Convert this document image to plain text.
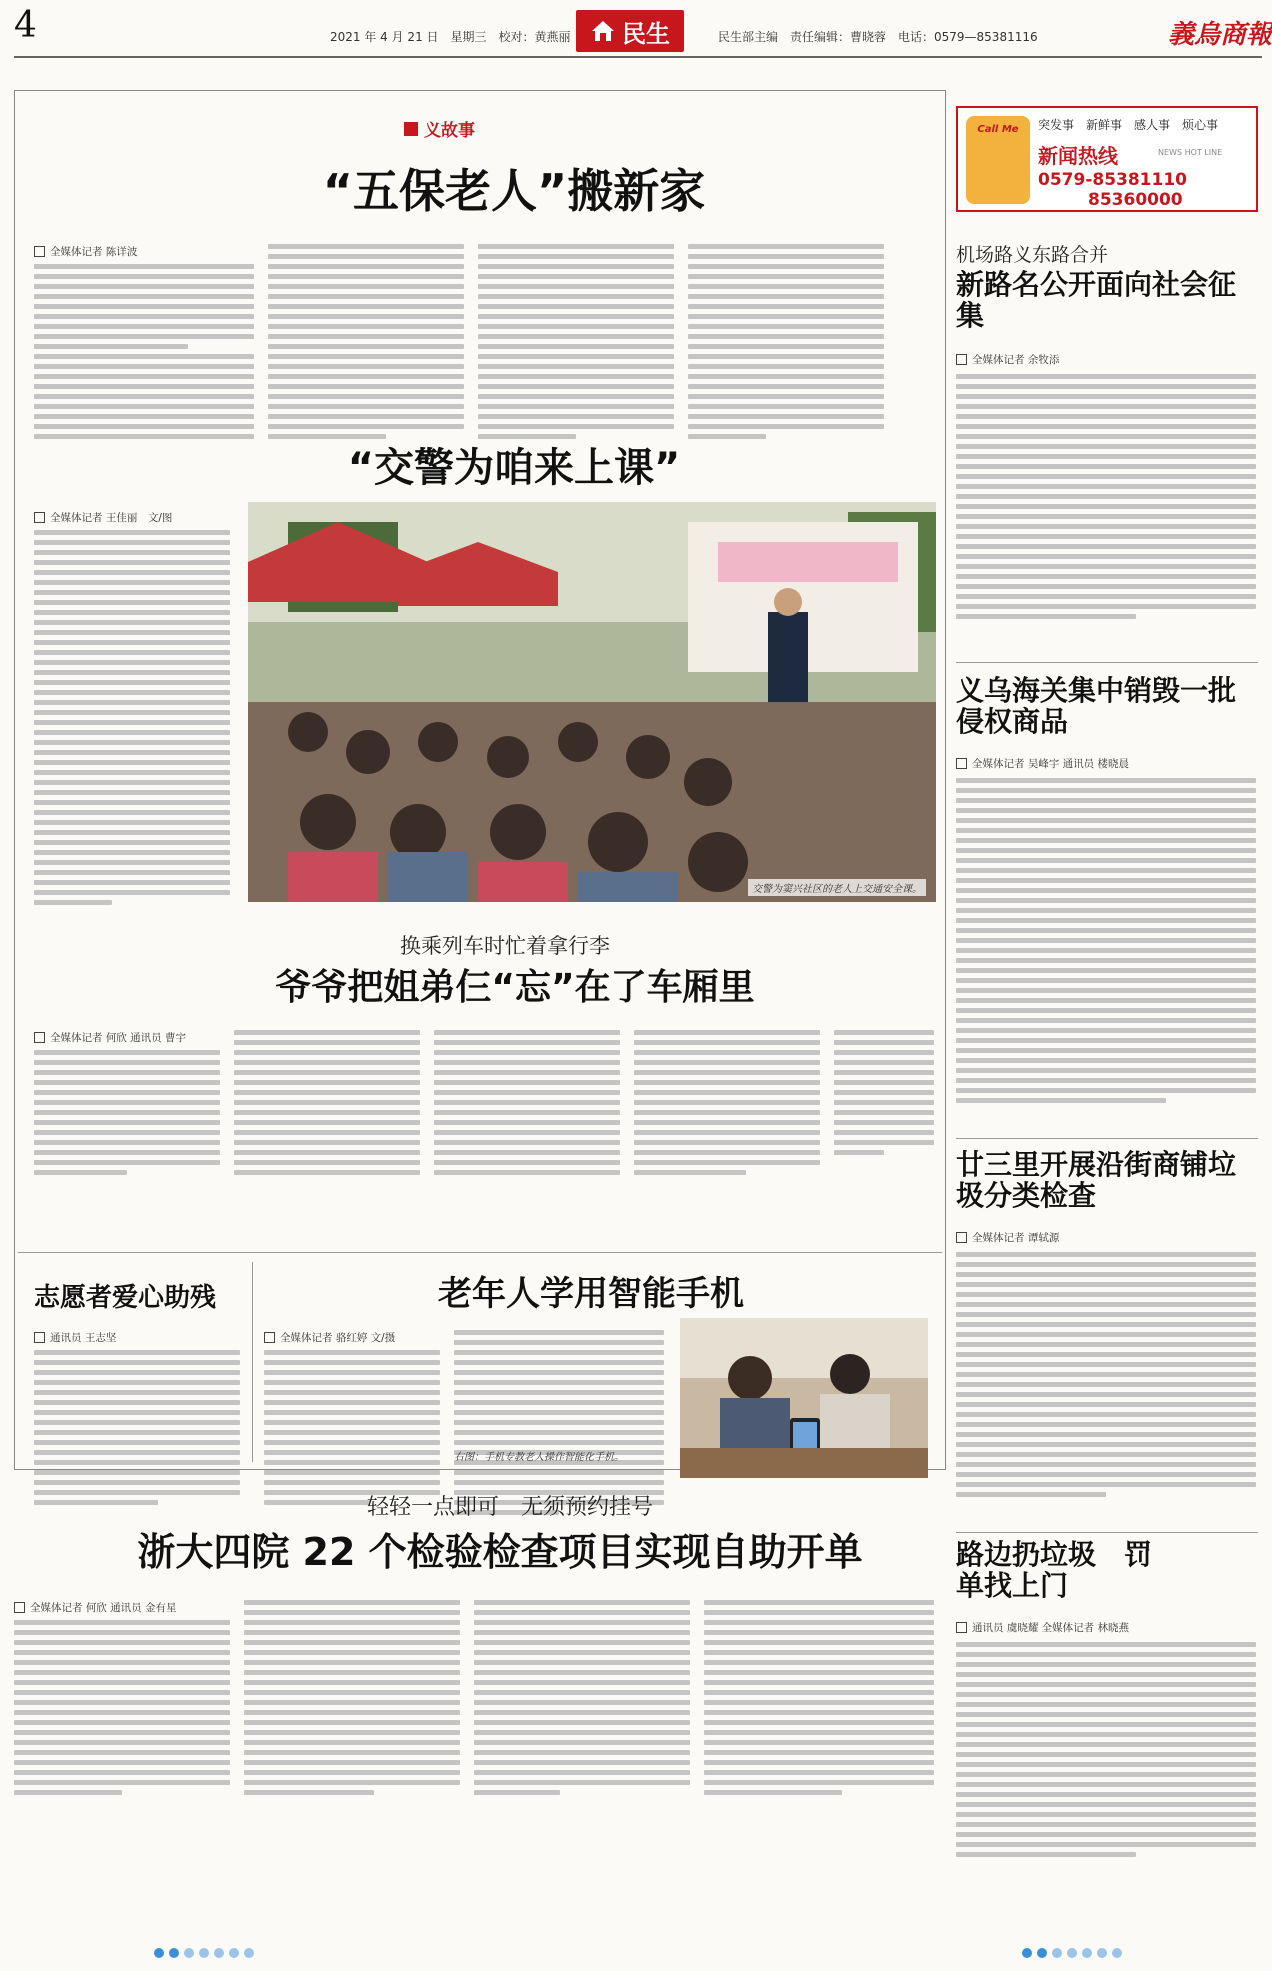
4	2021 年 4 月 21 日　星期三　校对：黄燕丽 民生	民生部主编　责任编辑：曹晓蓉　电话：0579—85381116	義烏商報
义故事
“五保老人”搬新家
全媒体记者 陈详波
“交警为咱来上课”
全媒体记者 王佳丽　文/图
交警为窦兴社区的老人上交通安全课。
换乘列车时忙着拿行李
爷爷把姐弟仨“忘”在了车厢里
全媒体记者 何欣 通讯员 曹宇
志愿者爱心助残
通讯员 王志坚
老年人学用智能手机
全媒体记者 骆红婷 文/摄
右图：手机专教老人操作智能化手机。
轻轻一点即可　无须预约挂号
浙大四院 22 个检验检查项目实现自助开单
全媒体记者 何欣 通讯员 金有星
Call Me 突发事　新鲜事　感人事　烦心事
新闻热线	NEWS HOT LINE
0579-85381110
85360000
机场路义东路合并
新路名公开面向社会征集
全媒体记者 余牧添
义乌海关集中销毁一批侵权商品
全媒体记者 吴峰宇 通讯员 楼晓晨
廿三里开展沿街商铺垃圾分类检查
全媒体记者 谭轼源
路边扔垃圾　罚单找上门
通讯员 虞晓耀 全媒体记者 林晓燕
